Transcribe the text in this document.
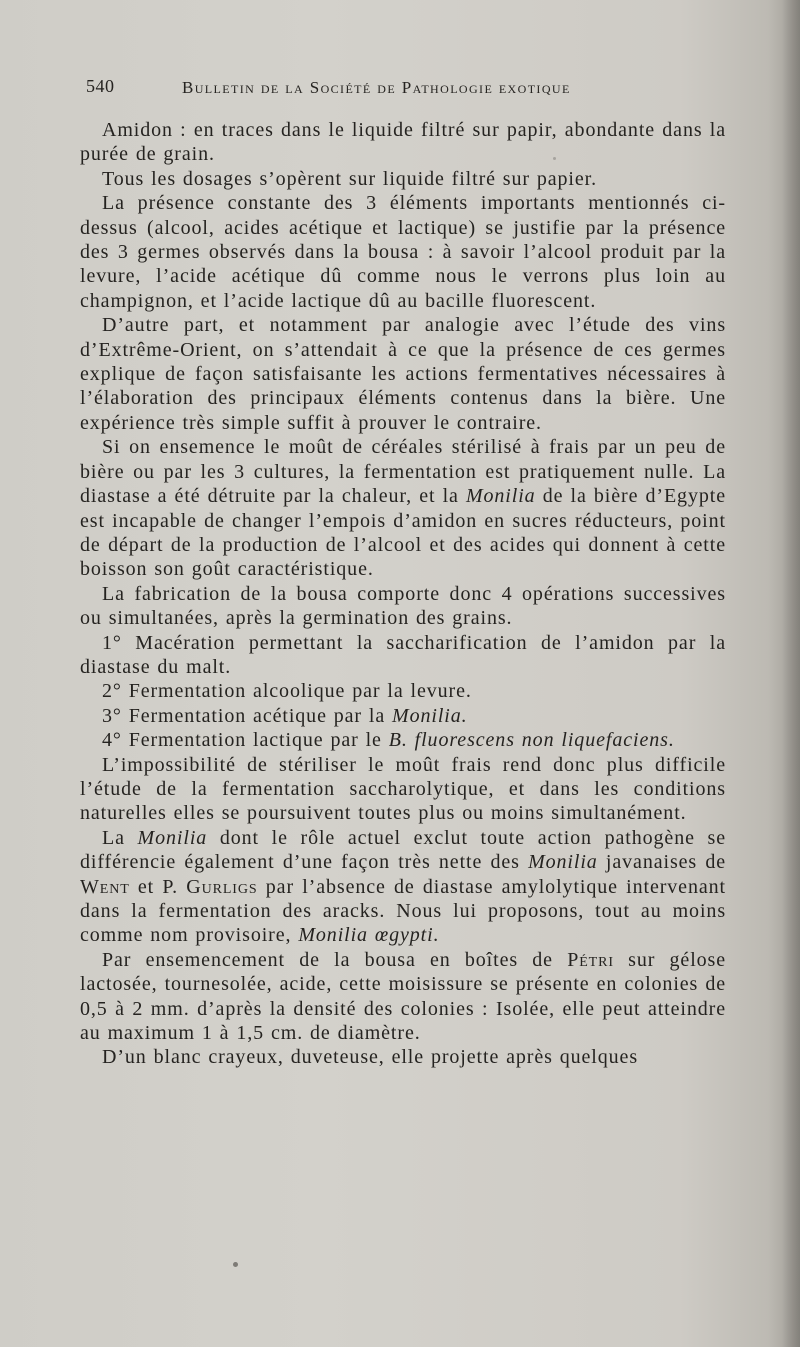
540	Bulletin de la Société de Pathologie exotique

Amidon : en traces dans le liquide filtré sur papir, abondante dans la purée de grain.

Tous les dosages s’opèrent sur liquide filtré sur papier.

La présence constante des 3 éléments importants mentionnés ci-dessus (alcool, acides acétique et lactique) se justifie par la présence des 3 germes observés dans la bousa : à savoir l’alcool produit par la levure, l’acide acétique dû comme nous le verrons plus loin au champignon, et l’acide lactique dû au bacille fluorescent.

D’autre part, et notamment par analogie avec l’étude des vins d’Extrême-Orient, on s’attendait à ce que la présence de ces germes explique de façon satisfaisante les actions fermentatives nécessaires à l’élaboration des principaux éléments contenus dans la bière. Une expérience très simple suffit à prouver le contraire.

Si on ensemence le moût de céréales stérilisé à frais par un peu de bière ou par les 3 cultures, la fermentation est pratiquement nulle. La diastase a été détruite par la chaleur, et la Monilia de la bière d’Egypte est incapable de changer l’empois d’amidon en sucres réducteurs, point de départ de la production de l’alcool et des acides qui donnent à cette boisson son goût caractéristique.

La fabrication de la bousa comporte donc 4 opérations successives ou simultanées, après la germination des grains.

1° Macération permettant la saccharification de l’amidon par la diastase du malt.

2° Fermentation alcoolique par la levure.

3° Fermentation acétique par la Monilia.

4° Fermentation lactique par le B. fluorescens non liquefaciens.

L’impossibilité de stériliser le moût frais rend donc plus difficile l’étude de la fermentation saccharolytique, et dans les conditions naturelles elles se poursuivent toutes plus ou moins simultanément.

La Monilia dont le rôle actuel exclut toute action pathogène se différencie également d’une façon très nette des Monilia javanaises de Went et P. Gurligs par l’absence de diastase amylolytique intervenant dans la fermentation des aracks. Nous lui proposons, tout au moins comme nom provisoire, Monilia œgypti.

Par ensemencement de la bousa en boîtes de Pétri sur gélose lactosée, tournesolée, acide, cette moisissure se présente en colonies de 0,5 à 2 mm. d’après la densité des colonies : Isolée, elle peut atteindre au maximum 1 à 1,5 cm. de diamètre.

D’un blanc crayeux, duveteuse, elle projette après quelques
